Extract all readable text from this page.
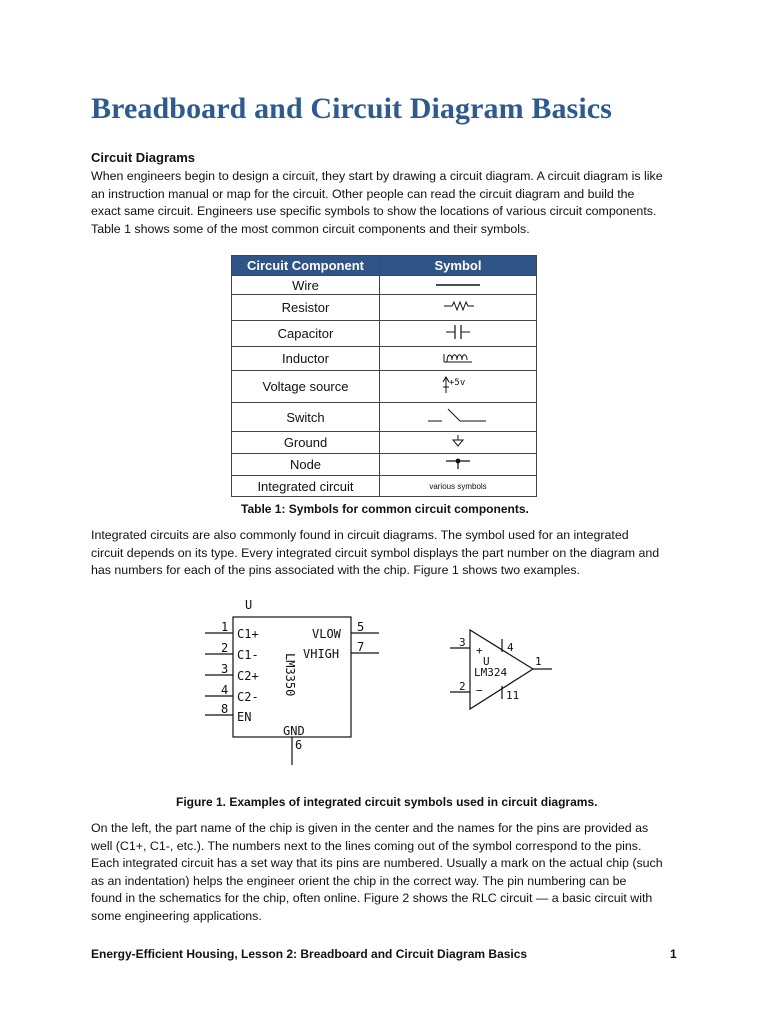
Breadboard and Circuit Diagram Basics
Circuit Diagrams
When engineers begin to design a circuit, they start by drawing a circuit diagram. A circuit diagram is like
an instruction manual or map for the circuit. Other people can read the circuit diagram and build the
exact same circuit. Engineers use specific symbols to show the locations of various circuit components.
Table 1 shows some of the most common circuit components and their symbols.
Circuit Component	Symbol
Wire	
Resistor	
Capacitor	
Inductor	
Voltage source	+5v

Switch	
Ground	
Node	
Integrated circuit	various symbols
Table 1: Symbols for common circuit components.
Integrated circuits are also commonly found in circuit diagrams. The symbol used for an integrated
circuit depends on its type. Every integrated circuit symbol displays the part number on the diagram and
has numbers for each of the pins associated with the chip. Figure 1 shows two examples.
U
1 C1+
2 C1-
3 C2+
4 C2-
8
EN
5
VLOW
7
VHIGH
GND
6
LM3350
3
2
+
−
4
11
1
U
LM324
Figure 1. Examples of integrated circuit symbols used in circuit diagrams.
On the left, the part name of the chip is given in the center and the names for the pins are provided as
well (C1+, C1-, etc.). The numbers next to the lines coming out of the symbol correspond to the pins.
Each integrated circuit has a set way that its pins are numbered. Usually a mark on the actual chip (such
as an indentation) helps the engineer orient the chip in the correct way. The pin numbering can be
found in the schematics for the chip, often online. Figure 2 shows the RLC circuit — a basic circuit with
some engineering applications.
Energy-Efficient Housing, Lesson 2: Breadboard and Circuit Diagram Basics	1
